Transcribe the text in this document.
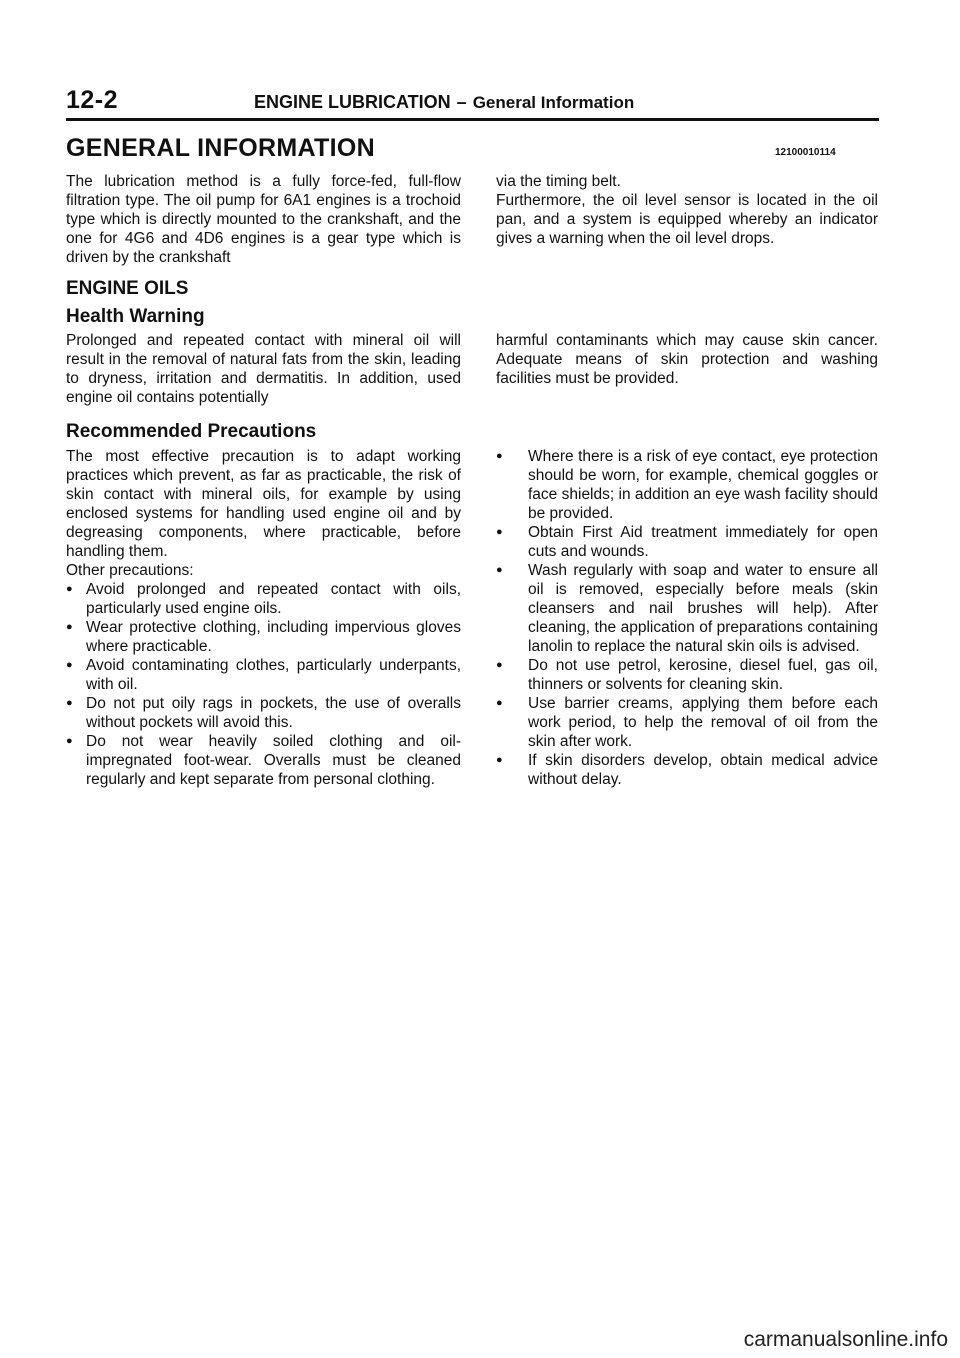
12-2	ENGINE LUBRICATION – General Information
GENERAL INFORMATION	12100010114

The lubrication method is a fully force-fed, full-flow filtration type. The oil pump for 6A1 engines is a trochoid type which is directly mounted to the crankshaft, and the one for 4G6 and 4D6 engines is a gear type which is driven by the crankshaft

via the timing belt.

Furthermore, the oil level sensor is located in the oil pan, and a system is equipped whereby an indicator gives a warning when the oil level drops.

ENGINE OILS
Health Warning

Prolonged and repeated contact with mineral oil will result in the removal of natural fats from the skin, leading to dryness, irritation and dermatitis. In addition, used engine oil contains potentially

harmful contaminants which may cause skin cancer. Adequate means of skin protection and washing facilities must be provided.

Recommended Precautions

The most effective precaution is to adapt working practices which prevent, as far as practicable, the risk of skin contact with mineral oils, for example by using enclosed systems for handling used engine oil and by degreasing components, where practicable, before handling them.

Other precautions:

● Avoid prolonged and repeated contact with oils, particularly used engine oils.
● Wear protective clothing, including impervious gloves where practicable.
● Avoid contaminating clothes, particularly underpants, with oil.
● Do not put oily rags in pockets, the use of overalls without pockets will avoid this.
● Do not wear heavily soiled clothing and oil-impregnated foot-wear. Overalls must be cleaned regularly and kept separate from personal clothing.
● Where there is a risk of eye contact, eye protection should be worn, for example, chemical goggles or face shields; in addition an eye wash facility should be provided.
● Obtain First Aid treatment immediately for open cuts and wounds.
● Wash regularly with soap and water to ensure all oil is removed, especially before meals (skin cleansers and nail brushes will help). After cleaning, the application of preparations containing lanolin to replace the natural skin oils is advised.
● Do not use petrol, kerosine, diesel fuel, gas oil, thinners or solvents for cleaning skin.
● Use barrier creams, applying them before each work period, to help the removal of oil from the skin after work.
● If skin disorders develop, obtain medical advice without delay.
carmanualsonline.info
